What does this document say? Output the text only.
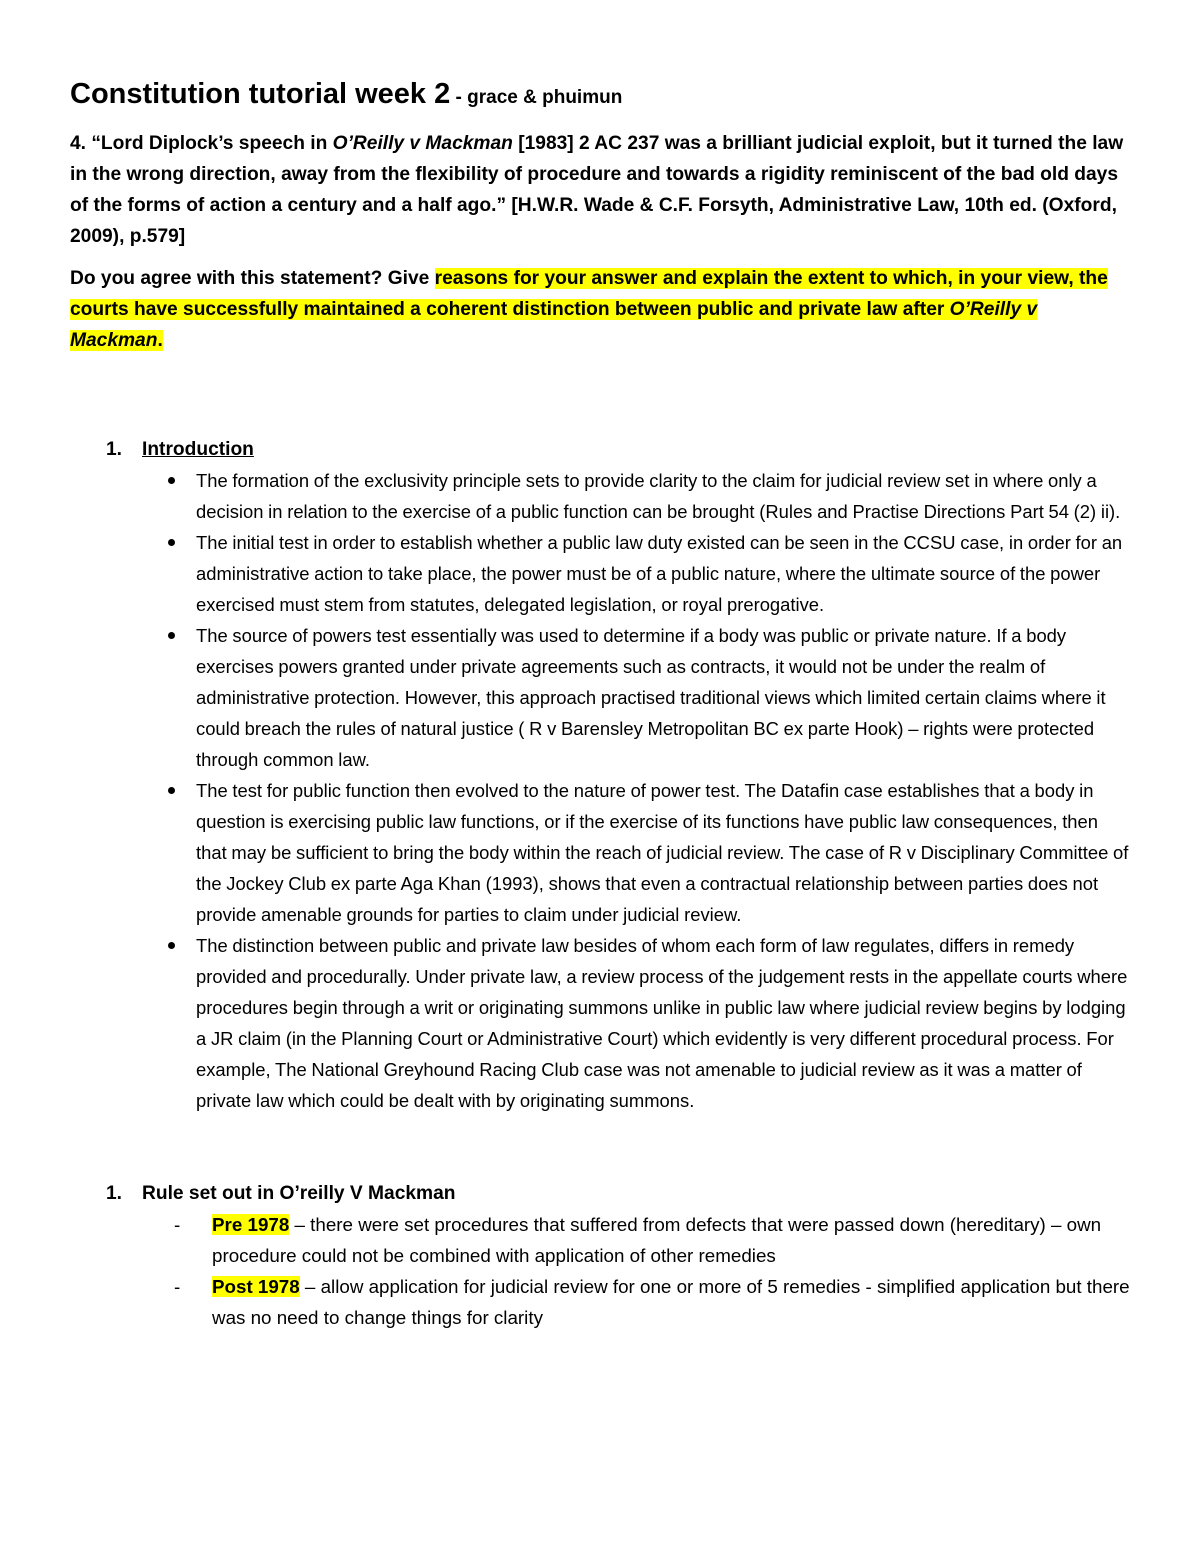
Constitution tutorial week 2 - grace & phuimun

4. “Lord Diplock’s speech in O’Reilly v Mackman [1983] 2 AC 237 was a brilliant judicial exploit, but it turned the law in the wrong direction, away from the flexibility of procedure and towards a rigidity reminiscent of the bad old days of the forms of action a century and a half ago.” [H.W.R. Wade & C.F. Forsyth, Administrative Law, 10th ed. (Oxford, 2009), p.579]

Do you agree with this statement? Give reasons for your answer and explain the extent to which, in your view, the courts have successfully maintained a coherent distinction between public and private law after O’Reilly v Mackman.

1. Introduction
The formation of the exclusivity principle sets to provide clarity to the claim for judicial review set in where only a decision in relation to the exercise of a public function can be brought (Rules and Practise Directions Part 54 (2) ii).
The initial test in order to establish whether a public law duty existed can be seen in the CCSU case, in order for an administrative action to take place, the power must be of a public nature, where the ultimate source of the power exercised must stem from statutes, delegated legislation, or royal prerogative.
The source of powers test essentially was used to determine if a body was public or private nature. If a body exercises powers granted under private agreements such as contracts, it would not be under the realm of administrative protection. However, this approach practised traditional views which limited certain claims where it could breach the rules of natural justice ( R v Barensley Metropolitan BC ex parte Hook) – rights were protected through common law.
The test for public function then evolved to the nature of power test. The Datafin case establishes that a body in question is exercising public law functions, or if the exercise of its functions have public law consequences, then that may be sufficient to bring the body within the reach of judicial review. The case of R v Disciplinary Committee of the Jockey Club ex parte Aga Khan (1993), shows that even a contractual relationship between parties does not provide amenable grounds for parties to claim under judicial review.
The distinction between public and private law besides of whom each form of law regulates, differs in remedy provided and procedurally. Under private law, a review process of the judgement rests in the appellate courts where procedures begin through a writ or originating summons unlike in public law where judicial review begins by lodging a JR claim (in the Planning Court or Administrative Court) which evidently is very different procedural process. For example, The National Greyhound Racing Club case was not amenable to judicial review as it was a matter of private law which could be dealt with by originating summons.
1. Rule set out in O’reilly V Mackman
- Pre 1978 – there were set procedures that suffered from defects that were passed down (hereditary) – own procedure could not be combined with application of other remedies
- Post 1978 – allow application for judicial review for one or more of 5 remedies - simplified application but there was no need to change things for clarity
